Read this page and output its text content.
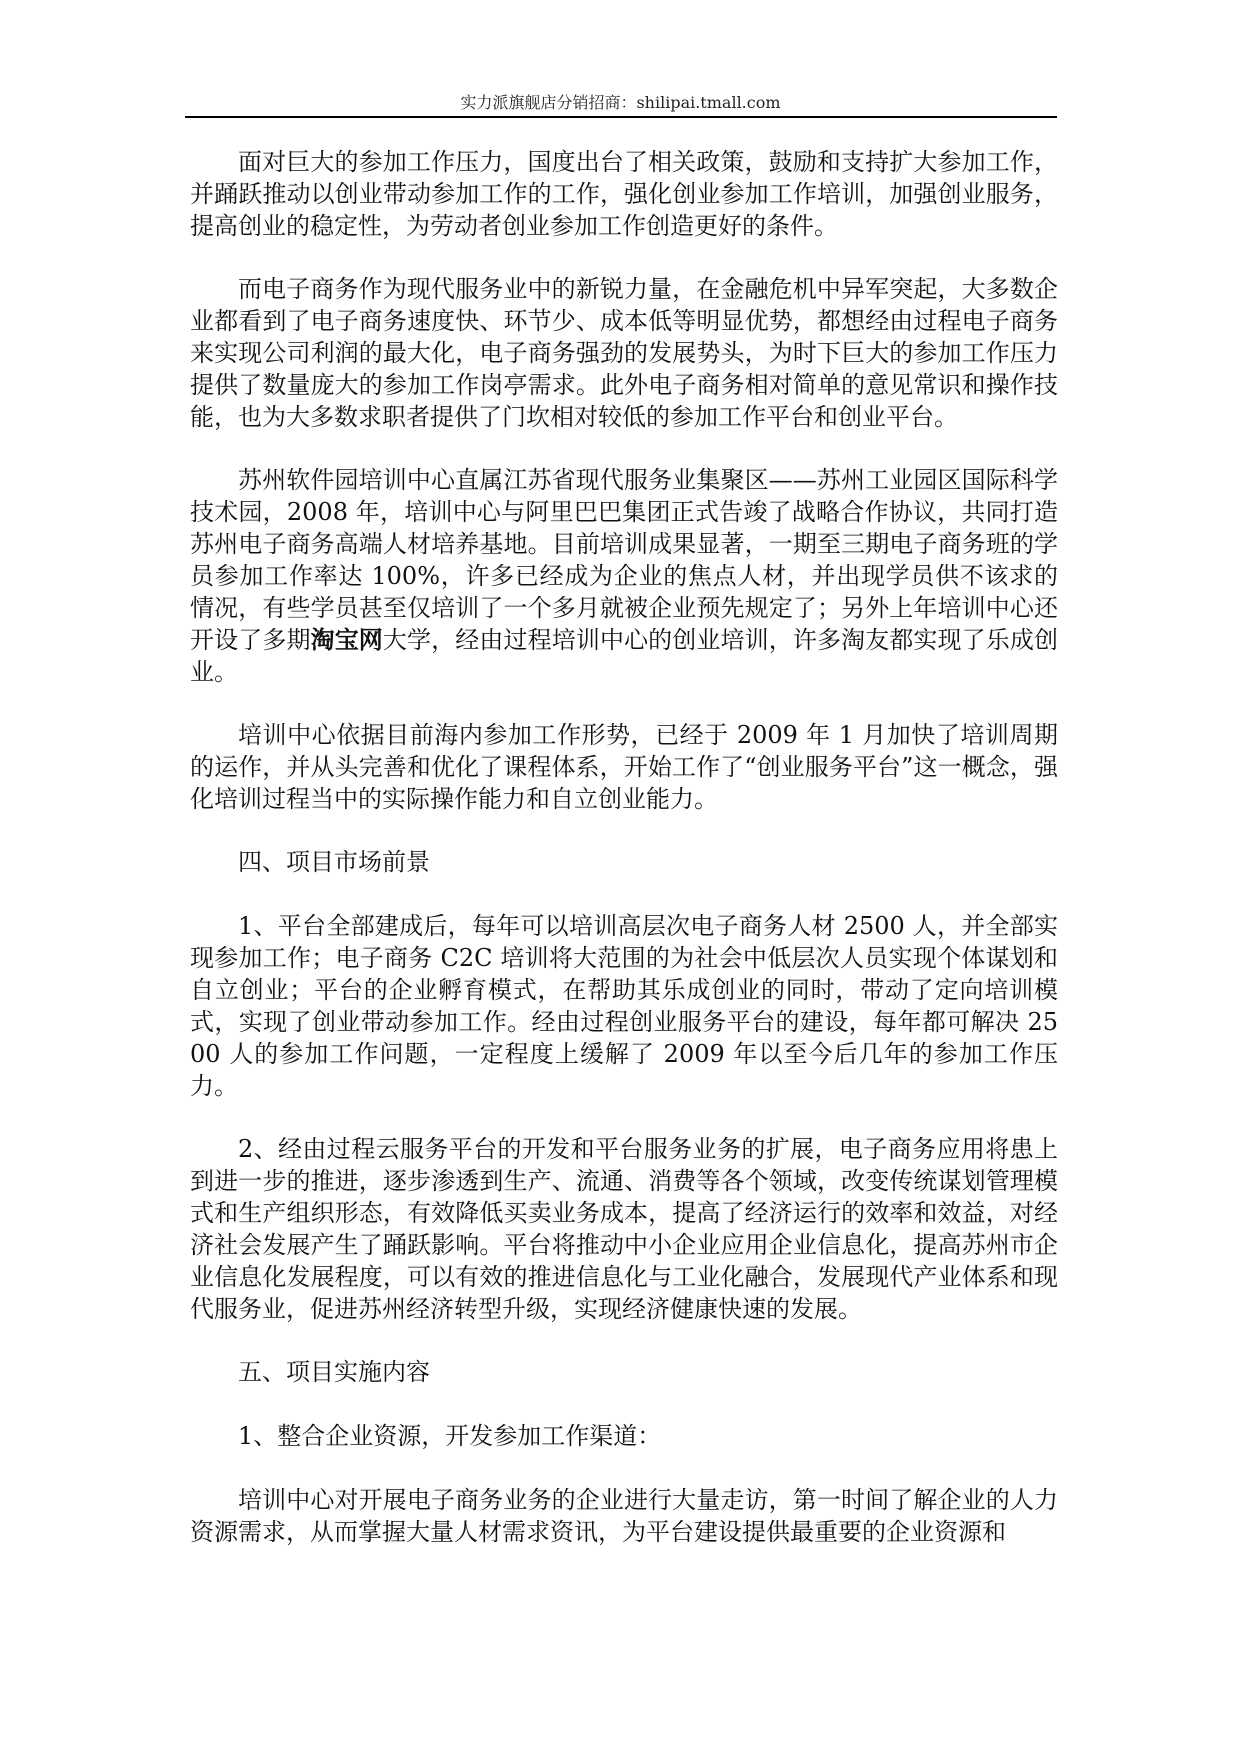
实力派旗舰店分销招商：shilipai.tmall.com

面对巨大的参加工作压力，国度出台了相关政策，鼓励和支持扩大参加工作，并踊跃推动以创业带动参加工作的工作，强化创业参加工作培训，加强创业服务，提高创业的稳定性，为劳动者创业参加工作创造更好的条件。

而电子商务作为现代服务业中的新锐力量，在金融危机中异军突起，大多数企业都看到了电子商务速度快、环节少、成本低等明显优势，都想经由过程电子商务来实现公司利润的最大化，电子商务强劲的发展势头，为时下巨大的参加工作压力提供了数量庞大的参加工作岗亭需求。此外电子商务相对简单的意见常识和操作技能，也为大多数求职者提供了门坎相对较低的参加工作平台和创业平台。

苏州软件园培训中心直属江苏省现代服务业集聚区——苏州工业园区国际科学技术园，2008 年，培训中心与阿里巴巴集团正式告竣了战略合作协议，共同打造苏州电子商务高端人材培养基地。目前培训成果显著，一期至三期电子商务班的学员参加工作率达 100%，许多已经成为企业的焦点人材，并出现学员供不该求的情况，有些学员甚至仅培训了一个多月就被企业预先规定了；另外上年培训中心还开设了多期淘宝网大学，经由过程培训中心的创业培训，许多淘友都实现了乐成创业。

培训中心依据目前海内参加工作形势，已经于 2009 年 1 月加快了培训周期的运作，并从头完善和优化了课程体系，开始工作了“创业服务平台”这一概念，强化培训过程当中的实际操作能力和自立创业能力。

四、项目市场前景

1、平台全部建成后，每年可以培训高层次电子商务人材 2500 人，并全部实现参加工作；电子商务 C2C 培训将大范围的为社会中低层次人员实现个体谋划和自立创业；平台的企业孵育模式，在帮助其乐成创业的同时，带动了定向培训模式，实现了创业带动参加工作。经由过程创业服务平台的建设，每年都可解决 2500 人的参加工作问题，一定程度上缓解了 2009 年以至今后几年的参加工作压力。

2、经由过程云服务平台的开发和平台服务业务的扩展，电子商务应用将患上到进一步的推进，逐步渗透到生产、流通、消费等各个领域，改变传统谋划管理模式和生产组织形态，有效降低买卖业务成本，提高了经济运行的效率和效益，对经济社会发展产生了踊跃影响。平台将推动中小企业应用企业信息化，提高苏州市企业信息化发展程度，可以有效的推进信息化与工业化融合，发展现代产业体系和现代服务业，促进苏州经济转型升级，实现经济健康快速的发展。

五、项目实施内容

1、整合企业资源，开发参加工作渠道：

培训中心对开展电子商务业务的企业进行大量走访，第一时间了解企业的人力资源需求，从而掌握大量人材需求资讯，为平台建设提供最重要的企业资源和
